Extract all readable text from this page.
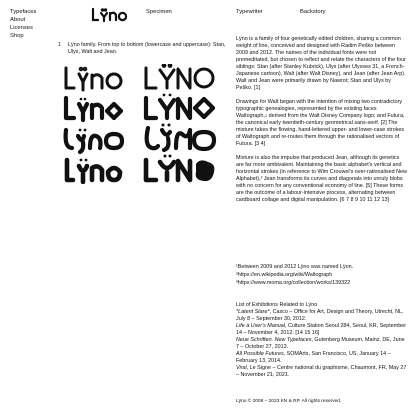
Typefaces
About
Licenses
Shop
Specimen	Typewriter	Backstory
1 Lÿno family. From top to bottom (lowercase and uppercase): Stan, Ulys, Walt and Jean.

Lÿno is a family of four genetically edited children, sharing a common weight of line, conceived and designed with Radim Peško between 2009 and 2012. The names of the individual fonts were not premeditated, but chosen to reflect and relate the characters of the four siblings: Stan (after Stanley Kubrick), Ulys (after Ulysses 31, a French-Japanese cartoon), Walt (after Walt Disney), and Jean (after Jean Arp). Walt and Jean were primarily drawn by Nawrot; Stan and Ulys by Peško. [1]

Drawings for Walt began with the intention of mixing two contradictory typographic genealogies, represented by the existing faces Waltograph,$^1$ derived from the Walt Disney Company logo; and Futura, the canonical early twentieth-century geometrical sans-serif. [2] The mixture takes the flowing, hand-lettered upper- and lower-case strokes of Waltograph and re-routes them through the rationalised vectors of Futura. [3 4]

Mixture is also the impulse that produced Jean, although its genetics are far more ambivalent. Maintaining the basic alphabet's vertical and horizontal strokes (in reference to Wim Crouwel's over-rationalised New Alphabet),² Jean transforms its curves and diagonals into unruly blobs with no concern for any conventional economy of line. [5] These forms are the outcome of a labour-intensive process, alternating between cardboard collage and digital manipulation. [6 7 8 9 10 11 12 13]

¹Between 2009 and 2012 Lÿno was named Lÿon.
²https://en.wikipedia.org/wiki/Waltograph
³https://www.moma.org/collection/works/139322
List of Exhibitions Related to Lÿno
*Latent Stare*, Casco – Office for Art, Design and Theory, Utrecht, NL, July 8 – September 30, 2012.
Life à User's Manual, Culture Station Seoul 284, Seoul, KR, September 14 – November 4, 2012. [14 15 16]
Neue Schriften. New Typefaces, Gutenberg Museum, Mainz, DE, June 7 – October 27, 2013.
All Possible Futures, SOMArts, San Francisco, US, January 14 – February 13, 2014.
Viral, Le Signe – Centre national du graphisme, Chaumont, FR, May 27 – November 21, 2021.
Lÿno © 2009 – 2023 KN & RP. All rights reserved.
